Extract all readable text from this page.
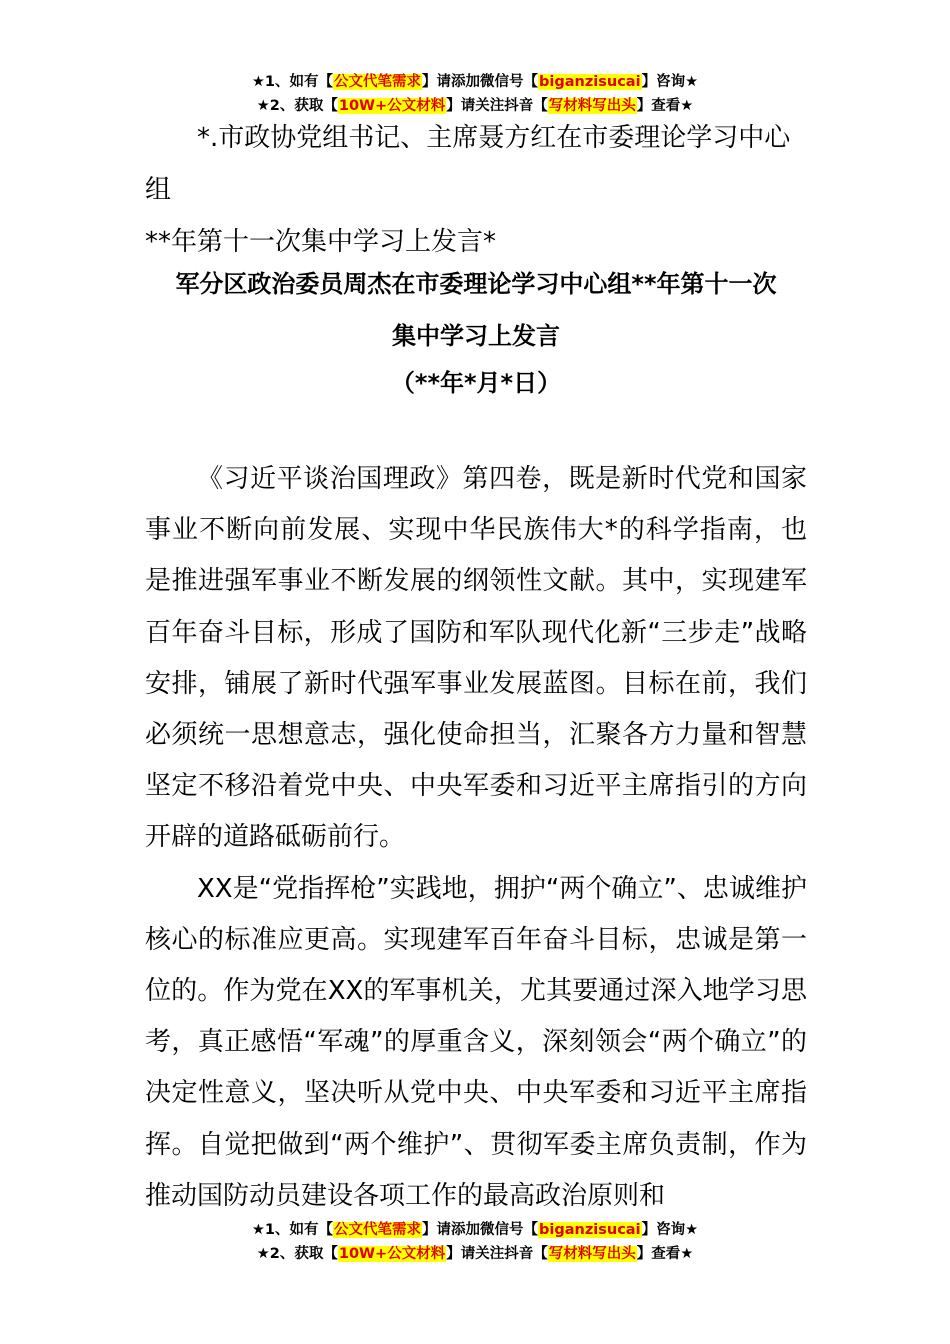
★1、如有【公文代笔需求】请添加微信号【biganzisucai】咨询★
★2、获取【10W+公文材料】请关注抖音【写材料写出头】查看★

*.市政协党组书记、主席聂方红在市委理论学习中心组

**年第十一次集中学习上发言*

军分区政治委员周杰在市委理论学习中心组**年第十一次

集中学习上发言

（**年*月*日）

《习近平谈治国理政》第四卷，既是新时代党和国家事业不断向前发展、实现中华民族伟大*的科学指南，也是推进强军事业不断发展的纲领性文献。其中，实现建军百年奋斗目标，形成了国防和军队现代化新“三步走”战略安排，铺展了新时代强军事业发展蓝图。目标在前，我们必须统一思想意志，强化使命担当，汇聚各方力量和智慧坚定不移沿着党中央、中央军委和习近平主席指引的方向开辟的道路砥砺前行。

XX是“党指挥枪”实践地，拥护“两个确立”、忠诚维护核心的标准应更高。实现建军百年奋斗目标，忠诚是第一位的。作为党在XX的军事机关，尤其要通过深入地学习思考，真正感悟“军魂”的厚重含义，深刻领会“两个确立”的决定性意义，坚决听从党中央、中央军委和习近平主席指挥。自觉把做到“两个维护”、贯彻军委主席负责制，作为推动国防动员建设各项工作的最高政治原则和

★1、如有【公文代笔需求】请添加微信号【biganzisucai】咨询★
★2、获取【10W+公文材料】请关注抖音【写材料写出头】查看★
